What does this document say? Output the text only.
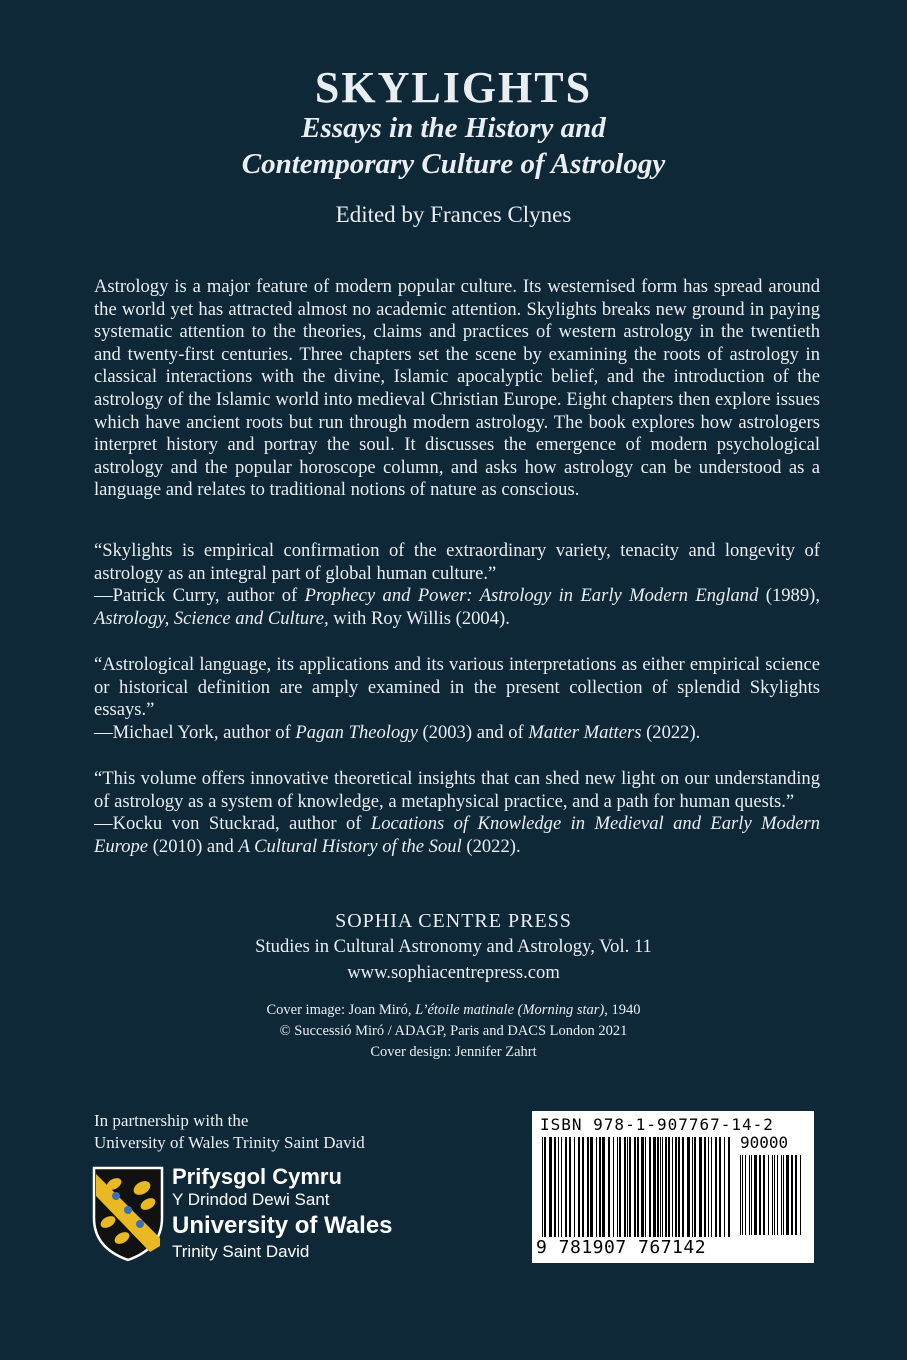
SKYLIGHTS
Essays in the History and
Contemporary Culture of Astrology
Edited by Frances Clynes

Astrology is a major feature of modern popular culture. Its westernised form has spread around the world yet has attracted almost no academic attention. Skylights breaks new ground in paying systematic attention to the theories, claims and practices of western astrology in the twentieth and twenty-first centuries. Three chapters set the scene by examining the roots of astrology in classical interactions with the divine, Islamic apocalyptic belief, and the introduction of the astrology of the Islamic world into medieval Christian Europe. Eight chapters then explore issues which have ancient roots but run through modern astrology. The book explores how astrologers interpret history and portray the soul. It discusses the emergence of modern psychological astrology and the popular horoscope column, and asks how astrology can be understood as a language and relates to traditional notions of nature as conscious.

“Skylights is empirical confirmation of the extraordinary variety, tenacity and longevity of astrology as an integral part of global human culture.”

—Patrick Curry, author of Prophecy and Power: Astrology in Early Modern England (1989), Astrology, Science and Culture, with Roy Willis (2004).

“Astrological language, its applications and its various interpretations as either empirical science or historical definition are amply examined in the present collection of splendid Skylights essays.”

—Michael York, author of Pagan Theology (2003) and of Matter Matters (2022).

“This volume offers innovative theoretical insights that can shed new light on our understanding of astrology as a system of knowledge, a metaphysical practice, and a path for human quests.”

—Kocku von Stuckrad, author of Locations of Knowledge in Medieval and Early Modern Europe (2010) and A Cultural History of the Soul (2022).

SOPHIA CENTRE PRESS
Studies in Cultural Astronomy and Astrology, Vol. 11
www.sophiacentrepress.com
Cover image: Joan Miró, L’étoile matinale (Morning star), 1940
© Successió Miró / ADAGP, Paris and DACS London 2021
Cover design: Jennifer Zahrt
In partnership with the
University of Wales Trinity Saint David
Prifysgol Cymru
Y Drindod Dewi Sant
University of Wales
Trinity Saint David
ISBN 978-1-907767-14-2
90000
9 781907 767142
